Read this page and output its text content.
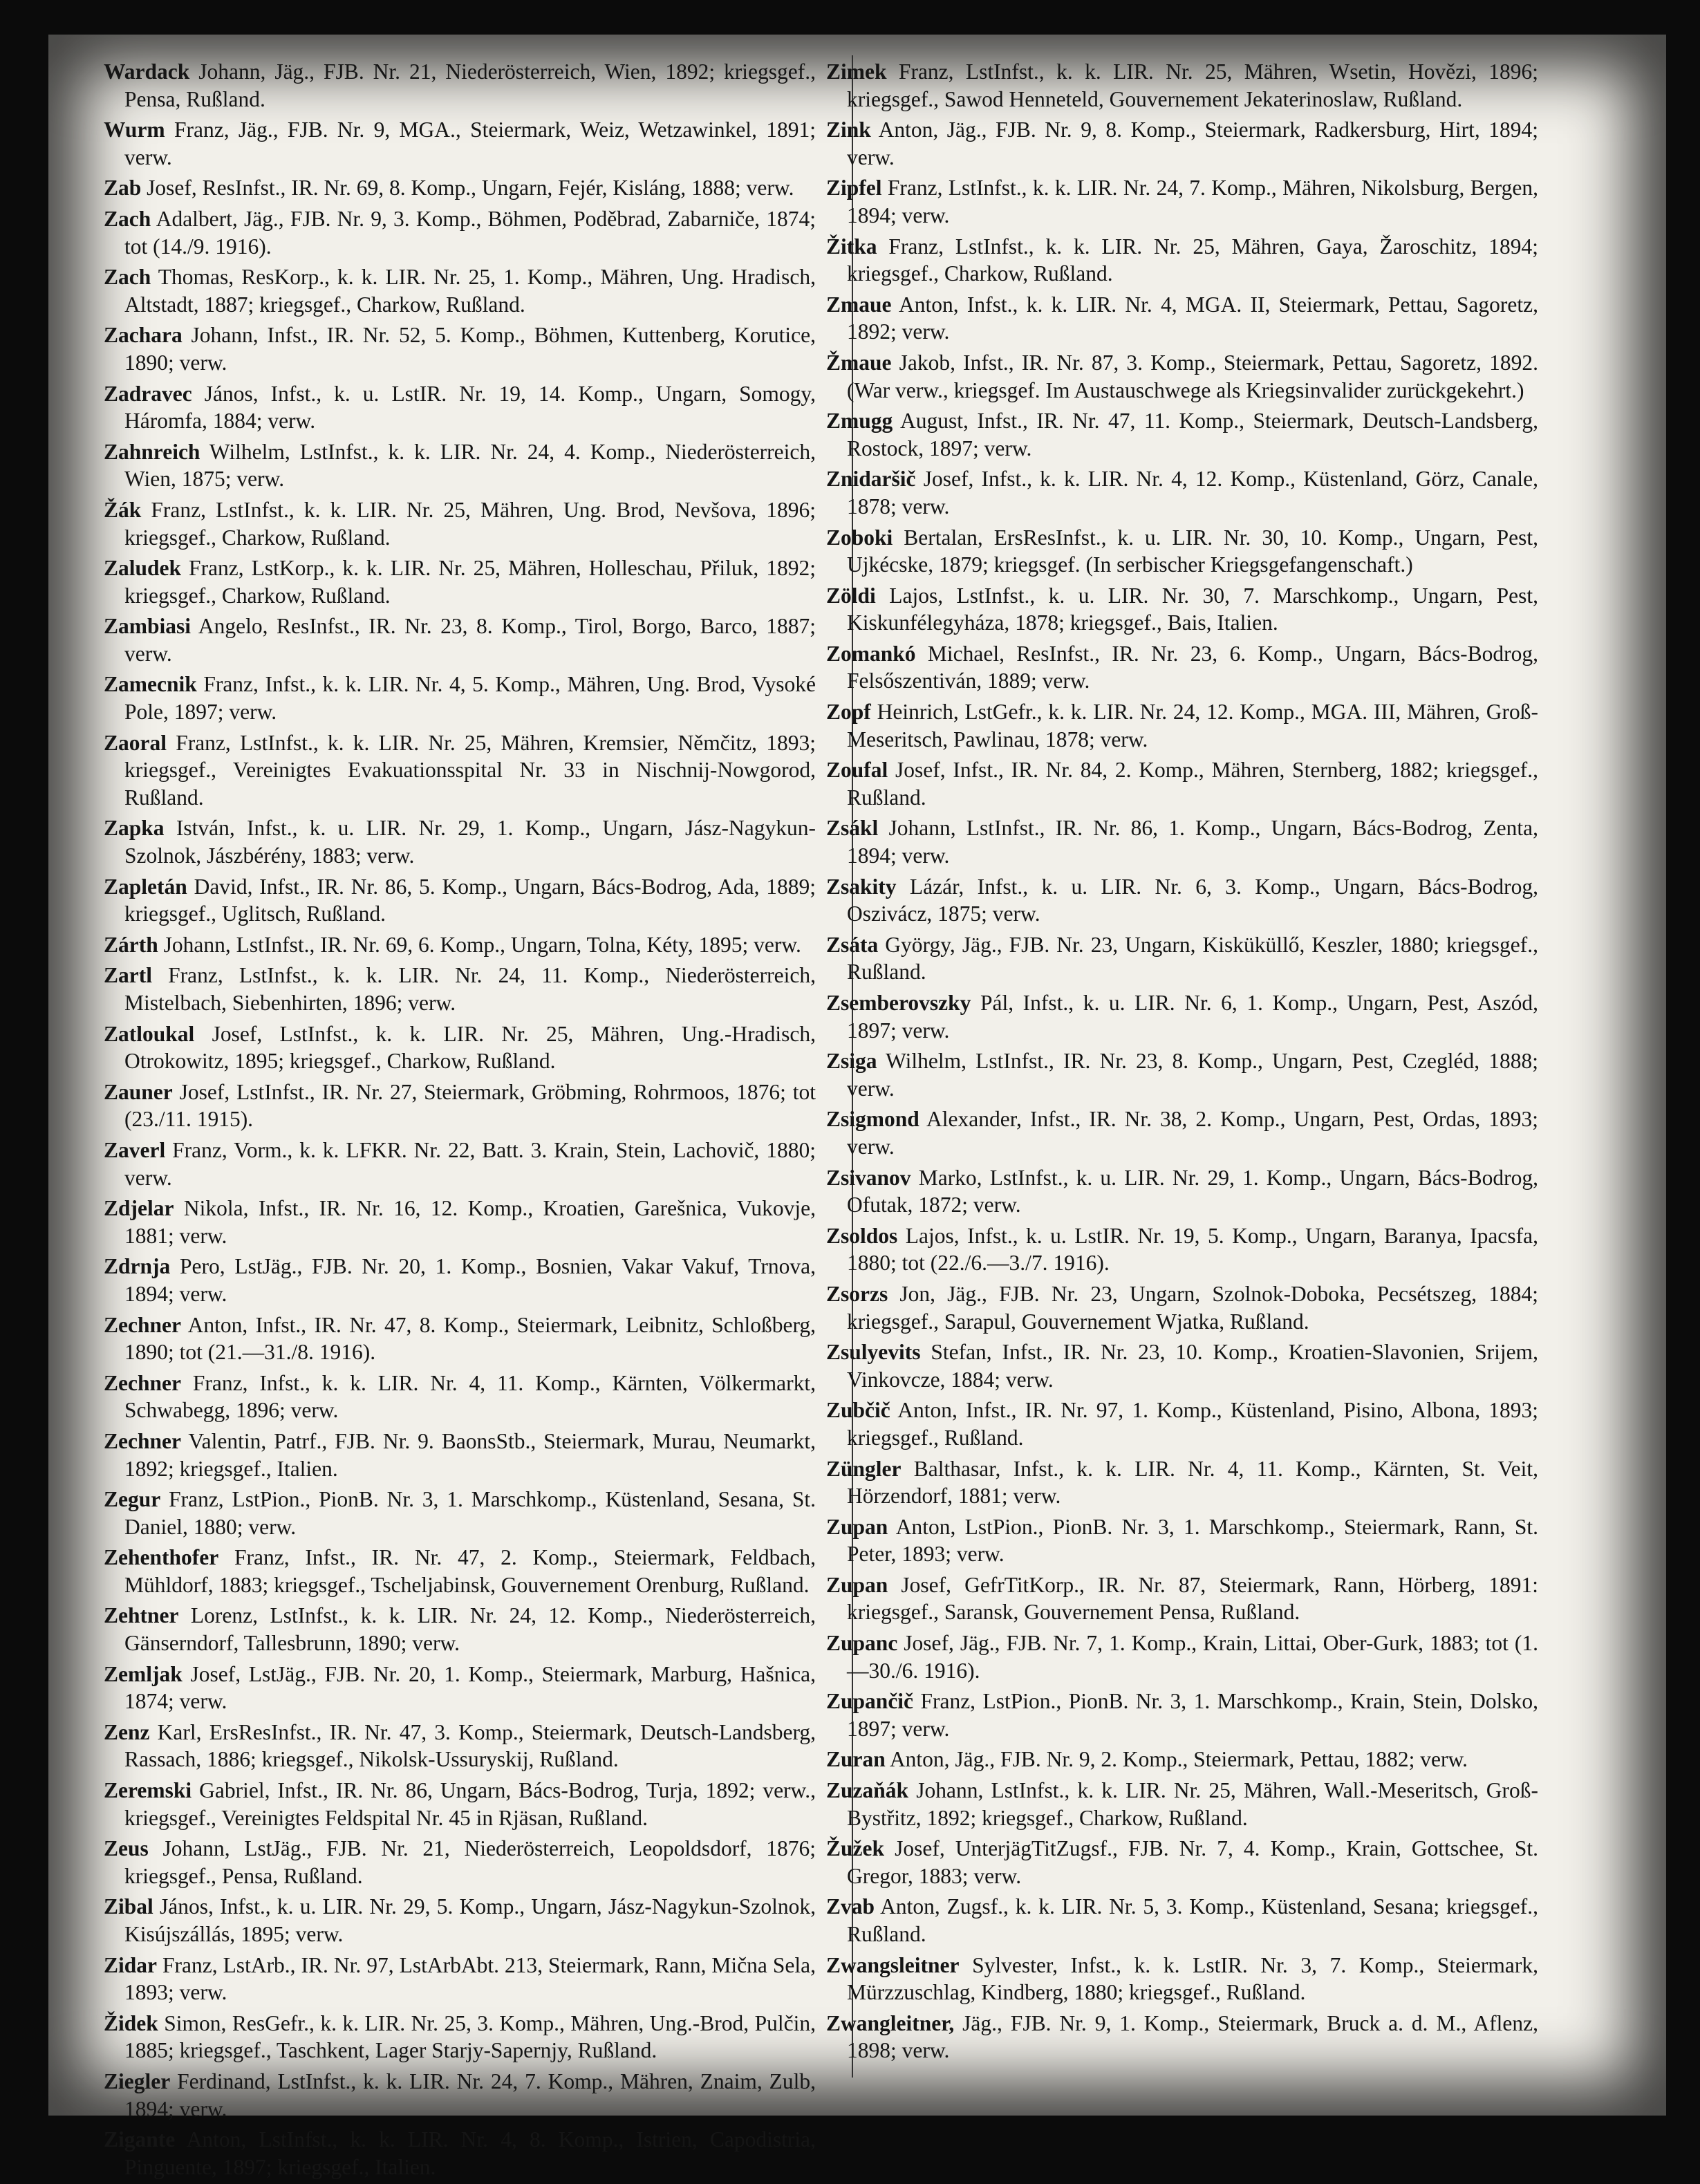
Wardack Johann, Jäg., FJB. Nr. 21, Niederösterreich, Wien, 1892; kriegsgef., Pensa, Rußland.

Wurm Franz, Jäg., FJB. Nr. 9, MGA., Steiermark, Weiz, Wetzawinkel, 1891; verw.

Zab Josef, ResInfst., IR. Nr. 69, 8. Komp., Ungarn, Fejér, Kisláng, 1888; verw.

Zach Adalbert, Jäg., FJB. Nr. 9, 3. Komp., Böhmen, Poděbrad, Zabarniče, 1874; tot (14./9. 1916).

Zach Thomas, ResKorp., k. k. LIR. Nr. 25, 1. Komp., Mähren, Ung. Hradisch, Altstadt, 1887; kriegsgef., Charkow, Rußland.

Zachara Johann, Infst., IR. Nr. 52, 5. Komp., Böhmen, Kuttenberg, Korutice, 1890; verw.

Zadravec János, Infst., k. u. LstIR. Nr. 19, 14. Komp., Ungarn, Somogy, Háromfa, 1884; verw.

Zahnreich Wilhelm, LstInfst., k. k. LIR. Nr. 24, 4. Komp., Niederösterreich, Wien, 1875; verw.

Žák Franz, LstInfst., k. k. LIR. Nr. 25, Mähren, Ung. Brod, Nevšova, 1896; kriegsgef., Charkow, Rußland.

Zaludek Franz, LstKorp., k. k. LIR. Nr. 25, Mähren, Holleschau, Přiluk, 1892; kriegsgef., Charkow, Rußland.

Zambiasi Angelo, ResInfst., IR. Nr. 23, 8. Komp., Tirol, Borgo, Barco, 1887; verw.

Zamecnik Franz, Infst., k. k. LIR. Nr. 4, 5. Komp., Mähren, Ung. Brod, Vysoké Pole, 1897; verw.

Zaoral Franz, LstInfst., k. k. LIR. Nr. 25, Mähren, Kremsier, Němčitz, 1893; kriegsgef., Vereinigtes Evakuationsspital Nr. 33 in Nischnij-Nowgorod, Rußland.

Zapka István, Infst., k. u. LIR. Nr. 29, 1. Komp., Ungarn, Jász-Nagykun-Szolnok, Jászbérény, 1883; verw.

Zapletán David, Infst., IR. Nr. 86, 5. Komp., Ungarn, Bács-Bodrog, Ada, 1889; kriegsgef., Uglitsch, Rußland.

Zárth Johann, LstInfst., IR. Nr. 69, 6. Komp., Ungarn, Tolna, Kéty, 1895; verw.

Zartl Franz, LstInfst., k. k. LIR. Nr. 24, 11. Komp., Niederösterreich, Mistelbach, Siebenhirten, 1896; verw.

Zatloukal Josef, LstInfst., k. k. LIR. Nr. 25, Mähren, Ung.-Hradisch, Otrokowitz, 1895; kriegsgef., Charkow, Rußland.

Zauner Josef, LstInfst., IR. Nr. 27, Steiermark, Gröbming, Rohrmoos, 1876; tot (23./11. 1915).

Zaverl Franz, Vorm., k. k. LFKR. Nr. 22, Batt. 3. Krain, Stein, Lachovič, 1880; verw.

Zdjelar Nikola, Infst., IR. Nr. 16, 12. Komp., Kroatien, Garešnica, Vukovje, 1881; verw.

Zdrnja Pero, LstJäg., FJB. Nr. 20, 1. Komp., Bosnien, Vakar Vakuf, Trnova, 1894; verw.

Zechner Anton, Infst., IR. Nr. 47, 8. Komp., Steiermark, Leibnitz, Schloßberg, 1890; tot (21.—31./8. 1916).

Zechner Franz, Infst., k. k. LIR. Nr. 4, 11. Komp., Kärnten, Völkermarkt, Schwabegg, 1896; verw.

Zechner Valentin, Patrf., FJB. Nr. 9. BaonsStb., Steiermark, Murau, Neumarkt, 1892; kriegsgef., Italien.

Zegur Franz, LstPion., PionB. Nr. 3, 1. Marschkomp., Küstenland, Sesana, St. Daniel, 1880; verw.

Zehenthofer Franz, Infst., IR. Nr. 47, 2. Komp., Steiermark, Feldbach, Mühldorf, 1883; kriegsgef., Tscheljabinsk, Gouvernement Orenburg, Rußland.

Zehtner Lorenz, LstInfst., k. k. LIR. Nr. 24, 12. Komp., Niederösterreich, Gänserndorf, Tallesbrunn, 1890; verw.

Zemljak Josef, LstJäg., FJB. Nr. 20, 1. Komp., Steiermark, Marburg, Hašnica, 1874; verw.

Zenz Karl, ErsResInfst., IR. Nr. 47, 3. Komp., Steiermark, Deutsch-Landsberg, Rassach, 1886; kriegsgef., Nikolsk-Ussuryskij, Rußland.

Zeremski Gabriel, Infst., IR. Nr. 86, Ungarn, Bács-Bodrog, Turja, 1892; verw., kriegsgef., Vereinigtes Feldspital Nr. 45 in Rjäsan, Rußland.

Zeus Johann, LstJäg., FJB. Nr. 21, Niederösterreich, Leopoldsdorf, 1876; kriegsgef., Pensa, Rußland.

Zibal János, Infst., k. u. LIR. Nr. 29, 5. Komp., Ungarn, Jász-Nagykun-Szolnok, Kisújszállás, 1895; verw.

Zidar Franz, LstArb., IR. Nr. 97, LstArbAbt. 213, Steiermark, Rann, Mična Sela, 1893; verw.

Židek Simon, ResGefr., k. k. LIR. Nr. 25, 3. Komp., Mähren, Ung.-Brod, Pulčin, 1885; kriegsgef., Taschkent, Lager Starjy-Sapernjy, Rußland.

Ziegler Ferdinand, LstInfst., k. k. LIR. Nr. 24, 7. Komp., Mähren, Znaim, Zulb, 1894; verw.

Zigante Anton, LstInfst., k. k. LIR. Nr. 4, 8. Komp., Istrien, Capodistria, Pinguente, 1897; kriegsgef., Italien.

Zimek Franz, LstInfst., k. k. LIR. Nr. 25, Mähren, Wsetin, Hovězi, 1896; kriegsgef., Sawod Henneteld, Gouvernement Jekaterinoslaw, Rußland.

Zink Anton, Jäg., FJB. Nr. 9, 8. Komp., Steiermark, Radkersburg, Hirt, 1894; verw.

Zipfel Franz, LstInfst., k. k. LIR. Nr. 24, 7. Komp., Mähren, Nikolsburg, Bergen, 1894; verw.

Žitka Franz, LstInfst., k. k. LIR. Nr. 25, Mähren, Gaya, Žaroschitz, 1894; kriegsgef., Charkow, Rußland.

Zmaue Anton, Infst., k. k. LIR. Nr. 4, MGA. II, Steiermark, Pettau, Sagoretz, 1892; verw.

Žmaue Jakob, Infst., IR. Nr. 87, 3. Komp., Steiermark, Pettau, Sagoretz, 1892. (War verw., kriegsgef. Im Austauschwege als Kriegsinvalider zurückgekehrt.)

Zmugg August, Infst., IR. Nr. 47, 11. Komp., Steiermark, Deutsch-Landsberg, Rostock, 1897; verw.

Znidaršič Josef, Infst., k. k. LIR. Nr. 4, 12. Komp., Küstenland, Görz, Canale, 1878; verw.

Zoboki Bertalan, ErsResInfst., k. u. LIR. Nr. 30, 10. Komp., Ungarn, Pest, Ujkécske, 1879; kriegsgef. (In serbischer Kriegsgefangenschaft.)

Zöldi Lajos, LstInfst., k. u. LIR. Nr. 30, 7. Marschkomp., Ungarn, Pest, Kiskunfélegyháza, 1878; kriegsgef., Bais, Italien.

Zomankó Michael, ResInfst., IR. Nr. 23, 6. Komp., Ungarn, Bács-Bodrog, Felsőszentiván, 1889; verw.

Zopf Heinrich, LstGefr., k. k. LIR. Nr. 24, 12. Komp., MGA. III, Mähren, Groß-Meseritsch, Pawlinau, 1878; verw.

Zoufal Josef, Infst., IR. Nr. 84, 2. Komp., Mähren, Sternberg, 1882; kriegsgef., Rußland.

Zsákl Johann, LstInfst., IR. Nr. 86, 1. Komp., Ungarn, Bács-Bodrog, Zenta, 1894; verw.

Zsakity Lázár, Infst., k. u. LIR. Nr. 6, 3. Komp., Ungarn, Bács-Bodrog, Oszivácz, 1875; verw.

Zsáta György, Jäg., FJB. Nr. 23, Ungarn, Kisküküllő, Keszler, 1880; kriegsgef., Rußland.

Zsemberovszky Pál, Infst., k. u. LIR. Nr. 6, 1. Komp., Ungarn, Pest, Aszód, 1897; verw.

Zsiga Wilhelm, LstInfst., IR. Nr. 23, 8. Komp., Ungarn, Pest, Czegléd, 1888; verw.

Zsigmond Alexander, Infst., IR. Nr. 38, 2. Komp., Ungarn, Pest, Ordas, 1893; verw.

Zsivanov Marko, LstInfst., k. u. LIR. Nr. 29, 1. Komp., Ungarn, Bács-Bodrog, Ofutak, 1872; verw.

Zsoldos Lajos, Infst., k. u. LstIR. Nr. 19, 5. Komp., Ungarn, Baranya, Ipacsfa, 1880; tot (22./6.—3./7. 1916).

Zsorzs Jon, Jäg., FJB. Nr. 23, Ungarn, Szolnok-Doboka, Pecsétszeg, 1884; kriegsgef., Sarapul, Gouvernement Wjatka, Rußland.

Zsulyevits Stefan, Infst., IR. Nr. 23, 10. Komp., Kroatien-Slavonien, Srijem, Vinkovcze, 1884; verw.

Zubčič Anton, Infst., IR. Nr. 97, 1. Komp., Küstenland, Pisino, Albona, 1893; kriegsgef., Rußland.

Züngler Balthasar, Infst., k. k. LIR. Nr. 4, 11. Komp., Kärnten, St. Veit, Hörzendorf, 1881; verw.

Zupan Anton, LstPion., PionB. Nr. 3, 1. Marschkomp., Steiermark, Rann, St. Peter, 1893; verw.

Zupan Josef, GefrTitKorp., IR. Nr. 87, Steiermark, Rann, Hörberg, 1891: kriegsgef., Saransk, Gouvernement Pensa, Rußland.

Zupanc Josef, Jäg., FJB. Nr. 7, 1. Komp., Krain, Littai, Ober-Gurk, 1883; tot (1.—30./6. 1916).

Zupančič Franz, LstPion., PionB. Nr. 3, 1. Marschkomp., Krain, Stein, Dolsko, 1897; verw.

Zuran Anton, Jäg., FJB. Nr. 9, 2. Komp., Steiermark, Pettau, 1882; verw.

Zuzaňák Johann, LstInfst., k. k. LIR. Nr. 25, Mähren, Wall.-Meseritsch, Groß-Bystřitz, 1892; kriegsgef., Charkow, Rußland.

Žužek Josef, UnterjägTitZugsf., FJB. Nr. 7, 4. Komp., Krain, Gottschee, St. Gregor, 1883; verw.

Zvab Anton, Zugsf., k. k. LIR. Nr. 5, 3. Komp., Küstenland, Sesana; kriegsgef., Rußland.

Zwangsleitner Sylvester, Infst., k. k. LstIR. Nr. 3, 7. Komp., Steiermark, Mürzzuschlag, Kindberg, 1880; kriegsgef., Rußland.

Zwangleitner, Jäg., FJB. Nr. 9, 1. Komp., Steiermark, Bruck a. d. M., Aflenz, 1898; verw.
